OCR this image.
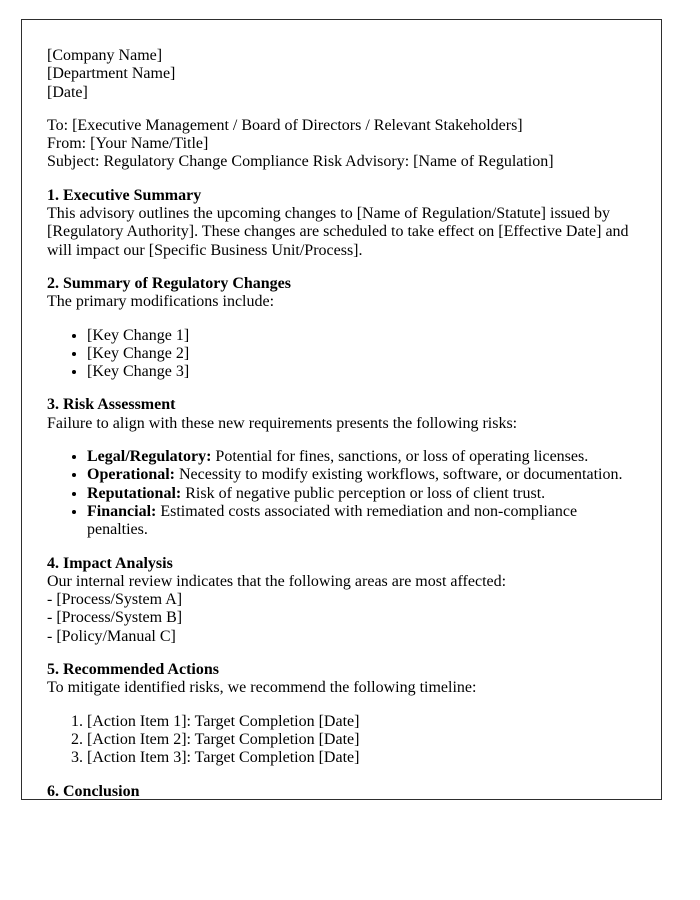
[Company Name]
[Department Name]
[Date]
To: [Executive Management / Board of Directors / Relevant Stakeholders]
From: [Your Name/Title]
Subject: Regulatory Change Compliance Risk Advisory: [Name of Regulation]
1. Executive Summary
This advisory outlines the upcoming changes to [Name of Regulation/Statute] issued by [Regulatory Authority]. These changes are scheduled to take effect on [Effective Date] and will impact our [Specific Business Unit/Process].
2. Summary of Regulatory Changes
The primary modifications include:
• [Key Change 1]
• [Key Change 2]
• [Key Change 3]
3. Risk Assessment
Failure to align with these new requirements presents the following risks:
• Legal/Regulatory: Potential for fines, sanctions, or loss of operating licenses.
• Operational: Necessity to modify existing workflows, software, or documentation.
• Reputational: Risk of negative public perception or loss of client trust.
• Financial: Estimated costs associated with remediation and non-compliance penalties.
4. Impact Analysis
Our internal review indicates that the following areas are most affected:
- [Process/System A]
- [Process/System B]
- [Policy/Manual C]
5. Recommended Actions
To mitigate identified risks, we recommend the following timeline:
1. [Action Item 1]: Target Completion [Date]
2. [Action Item 2]: Target Completion [Date]
3. [Action Item 3]: Target Completion [Date]
6. Conclusion
